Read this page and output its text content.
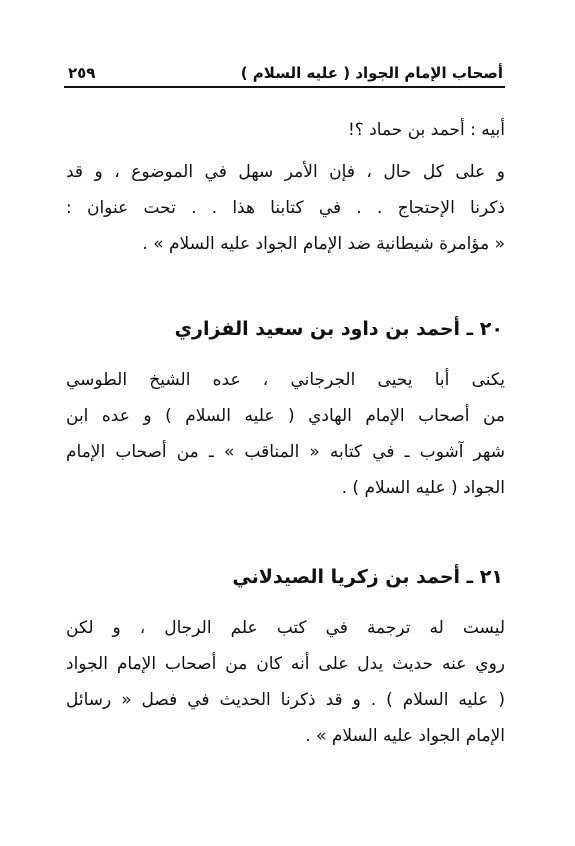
أصحاب الإمام الجواد ( عليه السلام )
٢٥٩
أبيه : أحمد بن حماد ؟!
و على كل حال ، فإن الأمر سهل في الموضوع ، و قد
ذكرنا الإحتجاج . . في كتابنا هذا . . تحت عنوان :
« مؤامرة شيطانية ضد الإمام الجواد عليه السلام » .
٢٠ ـ أحمد بن داود بن سعيد الفزاري
يكنى أبا يحيى الجرجاني ، عده الشيخ الطوسي
من أصحاب الإمام الهادي ( عليه السلام ) و عده ابن
شهر آشوب ـ في كتابه « المناقب » ـ من أصحاب الإمام
الجواد ( عليه السلام ) .
٢١ ـ أحمد بن زكريا الصيدلاني
ليست له ترجمة في كتب علم الرجال ، و لكن
روي عنه حديث يدل على أنه كان من أصحاب الإمام الجواد
( عليه السلام ) . و قد ذكرنا الحديث في فصل « رسائل
الإمام الجواد عليه السلام » .
